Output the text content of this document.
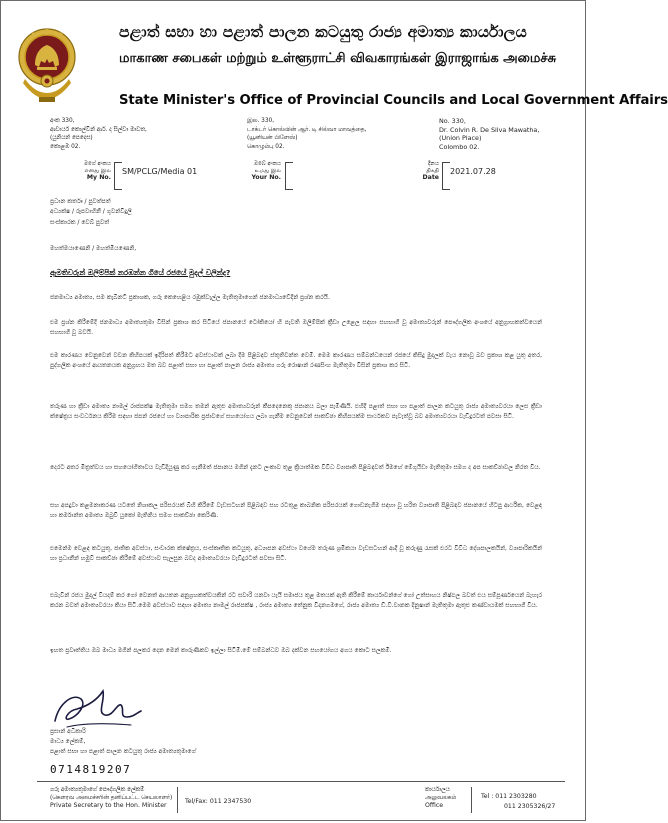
පළාත් සභා හා පළාත් පාලන කටයුතු රාජ්‍ය අමාත්‍ය කාර්යාලය
மாகாண சபைகள் மற்றும் உள்ளூராட்சி விவகாரங்கள் இராஜாங்க அமைச்சு
State Minister's Office of Provincial Councils and Local Government Affairs
අංක 330,
ආචාර්ය කොල්වින් ආර්. ද සිල්වා මාවත,
(යුනියන් පෙදෙස)
කොළඹ 02.
இல. 330,
டாக்டர் கொல்வின் ஆர். டி சில்வா மாவத்தை,
(யூனியன் பிளேஸ்)
கொழும்பு 02.
No. 330,
Dr. Colvin R. De Silva Mawatha,
(Union Place)
Colombo 02.
මගේ අංකය
எனது இல
My No.
SM/PCLG/Media 01
ඔබේ අංකය
உமது இல
Your No.
දිනය
திகதி
Date
2021.07.28
ප්‍රධාන කර්තෘ / පුවත්පත්
අධ්‍යක්ෂ / රූපවාහිනී / ගුවන්විදුලි
සංස්කාරක / වෙබ් පුවත්
මහත්මයාණෙනි / මහත්මියණෙනි,
ඇමතිවරුන් ඔලිම්පික් නරඹන්න ගියේ රජයේ මුදල් වලින්ද?
ජනමාධ්‍ය අමාත්‍ය, සම කැබිනට් ප්‍රකාශක, ගරු කෙහෙළිය රඹුක්වැල්ල මැතිතුමාගෙන් ජනමාධ්‍යවේදීන් ප්‍රශ්න කරයි.
එම ප්‍රශ්න කිරීමේදී ජනමාධ්‍ය අමාත්‍යතුමා විසින් ප්‍රකාශ කර සිටියේ ජපානයේ ටෝකියෝ හි පැවති ඔලිම්පික් ක්‍රීඩා උළෙල සඳහා සහභාගී වූ අමාත්‍යවරුන් පෞද්ගලික අංශයේ අනුග්‍රාහකත්වයෙන් සහභාගී වූ බවයි.
එම කාරණය වෙනුවෙන් වචන කිහිපයක් ඉදිරිපත් කිරීමට අවස්ථාවක් ලබා දීම පිළිබඳව ස්තූතිවන්ත වෙමි. මෙම කාරණය සම්බන්ධයෙන් රජයේ කිසිදු මුදලක් වැය නොවූ බව ප්‍රකාශ කළ යුතු අතර, පුද්ගලික අංශයේ ආයතනයක අනුග්‍රහය මත බව පළාත් සභා හා පළාත් පාලන රාජ්‍ය අමාත්‍ය ගරු රොෂාන් රණසිංහ මැතිතුමා විසින් ප්‍රකාශ කර සිටී.
තරුණ හා ක්‍රීඩා අමාත්‍ය නාමල් රාජපක්ෂ මැතිතුමා සමග තමන් ඇතුළු අමාත්‍යවරුන් කීපදෙනෙකු ජපානය බලා පැමිණියි. එහිදී පළාත් සභා හා පළාත් පාලන කටයුතු රාජ්‍ය අමාත්‍යවරයා ලෙස ක්‍රීඩා ක්ෂේත්‍රය සංවර්ධනය කිරීම සඳහා ජපන් රජයේ හා ව්‍යාපාරික ප්‍රජාවගේ සහයෝගය ලබා ගැනීම වෙනුවෙන් සාකච්ඡා කිහිපයක්ම සාර්ථකව පැවැත්වූ බව අමාත්‍යවරයා වැඩිදුරටත් පවසා සිටී.
දෙරට අතර මිත්‍රත්වය හා සහයෝගිතාවය වැඩිදියුණු කර ගැනීමත් ජපානය මගින් දැනට ලංකාව තුළ ක්‍රියාත්මක විවිධ ව්‍යාපෘති පිළිබඳවත් ඊමහේ මේගුයිඩා මැතිතුමා සමග ද අප සාකච්ඡාවල නිරත විය.
සහ අපදුවා කළමනාකරණ යටතේ නිශාකල පරිසරයක් බිහි කිරීමේ වැඩසටහන් පිළිබඳව සහ රටතුළ කාබනික පරිසරයක් ගොඩනැගීම සඳහා වූ හරිත ව්‍යාපෘති පිළිබඳව ජපානයේ හිටපු ආර්ථික, වෙළඳ හා කර්මාන්ත අමාත්‍ය ඔබුචි යුකෝ මැතිනිය සමග සාකච්ඡා කෙරිණි.
එමෙන්ම වෙළඳ කටයුතු, ජාතික අවස්ථා, සංචාරක ක්ෂේත්‍රය, සංස්කෘතික කටයුතු, අධ්‍යාපන අවස්ථා වගේම තරුණ ශ්‍රමිකයා වැඩසටහන් ආදී වූ කරුණු රැසක් එරට විවිධ දේශපාලකයින්, ව්‍යාපාරිකයින් හා ප්‍රධානීන් හමුවී සාකච්ඡා කිරීමේ අවස්ථාව සැලසුන බවද අමාත්‍යවරයා වැඩිදුරටත් පවසා සිටී.
එබැවින් රජය මුදල් වියදම් කර ගෝ වෙනත් ආයතන අනුග්‍රහකත්වයකින් රට සවාරි යනවා යැයි සමාජය තුළ මතයක් ඇති කිරීමේ කාර්යාවන්ගේ ගෝ උත්සාහය නිෂ්ඵල බවත් එය සම්පූර්ණයෙන් බැහැර කරන බවත් අමාත්‍යවරයා කියා සිටී.මෙම අවස්ථාව සඳහා අමාත්‍ය නාමල් රාජපක්ෂ , රාජ්‍ය අමාත්‍ය තේනුක විදානගමගේ, රාජ්‍ය අමාත්‍ය ඩී.වී.චානක දිනුෂාන් මැතිතුමා ඇතුළු කණ්ඩායමක් සහභාගී විය.
ඉහත ප්‍රවෘත්තිය ඔබ මාධ්‍ය මගින් පලකර දෙන මෙන් කාරුණිකව ඉල්ලා සිටිමි.මේ සම්බන්ධව ඔබ දක්වන සහයෝගය අගය කොට සලකමි.
ප්‍රසාන් අධිකාරි
මාධ්‍ය ලේකම්,
පළාත් සභා හා පළාත් පාලන කටයුතු රාජ්‍ය අමාත්‍යතුමාගේ
0714819207
ගරු අමාත්‍යතුමාගේ පෞද්ගලික ලේකම්
(கௌரவ அமைச்சரின் தனிப்பட்ட செயலாளர்)
Private Secretary to the Hon. Minister
Tel/Fax: 011 2347530
කාර්යාලය
அலுவலகம்
Office
Tel : 011 2303280
011 2305326/27
